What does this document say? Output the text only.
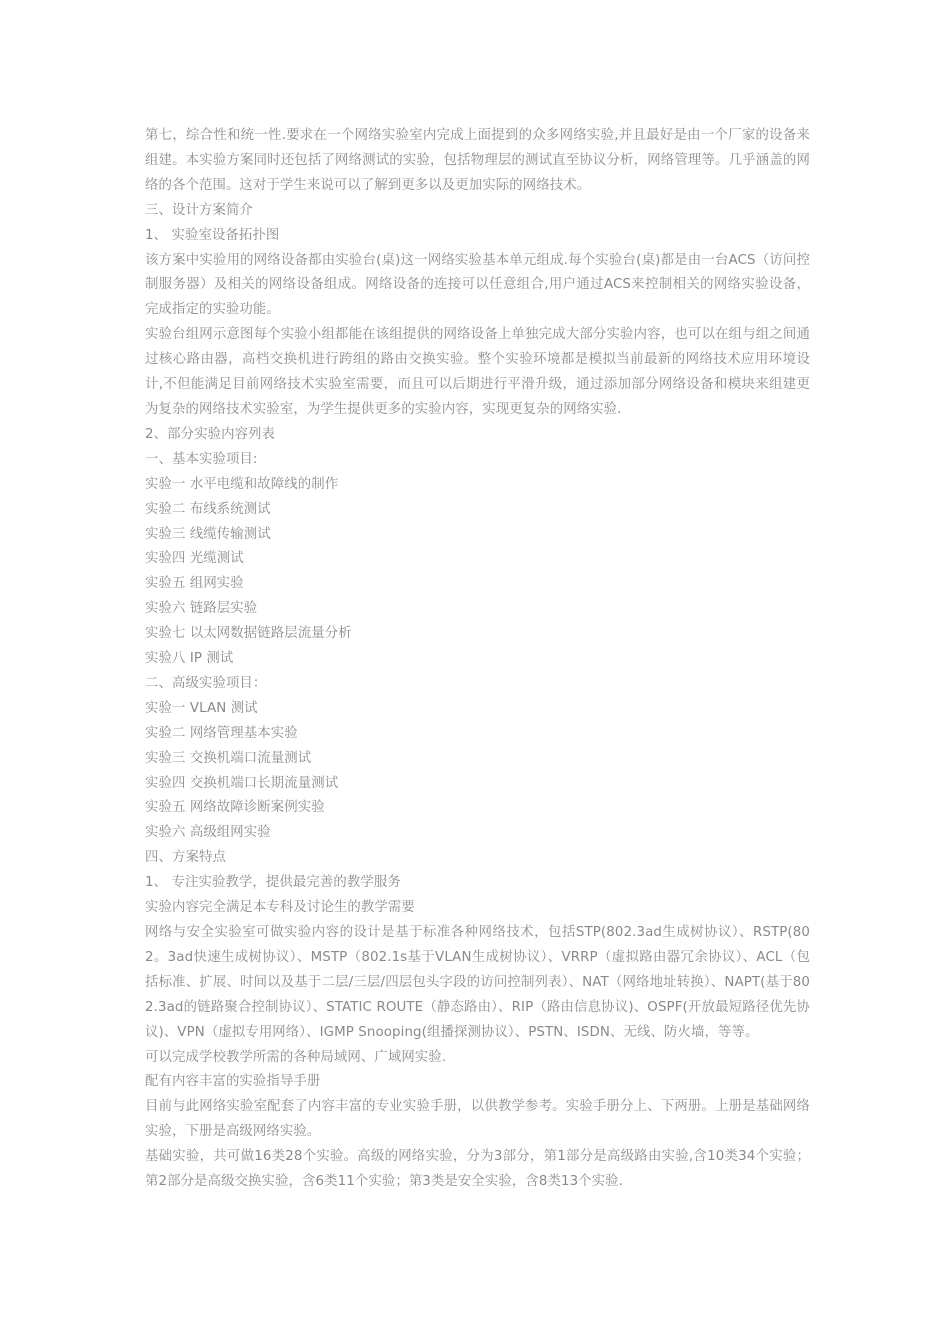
第七，综合性和统一性.要求在一个网络实验室内完成上面提到的众多网络实验,并且最好是由一个厂家的设备来组建。本实验方案同时还包括了网络测试的实验，包括物理层的测试直至协议分析，网络管理等。几乎涵盖的网络的各个范围。这对于学生来说可以了解到更多以及更加实际的网络技术。

三、设计方案简介

1、 实验室设备拓扑图

该方案中实验用的网络设备都由实验台(桌)这一网络实验基本单元组成.每个实验台(桌)都是由一台ACS（访问控制服务器）及相关的网络设备组成。网络设备的连接可以任意组合,用户通过ACS来控制相关的网络实验设备，完成指定的实验功能。

实验台组网示意图每个实验小组都能在该组提供的网络设备上单独完成大部分实验内容，也可以在组与组之间通过核心路由器，高档交换机进行跨组的路由交换实验。整个实验环境都是模拟当前最新的网络技术应用环境设计,不但能满足目前网络技术实验室需要，而且可以后期进行平滑升级，通过添加部分网络设备和模块来组建更为复杂的网络技术实验室，为学生提供更多的实验内容，实现更复杂的网络实验.

2、部分实验内容列表

一、基本实验项目:

实验一 水平电缆和故障线的制作

实验二 布线系统测试

实验三 线缆传输测试

实验四 光缆测试

实验五 组网实验

实验六 链路层实验

实验七 以太网数据链路层流量分析

实验八 IP 测试

二、高级实验项目：

实验一 VLAN 测试

实验二 网络管理基本实验

实验三 交换机端口流量测试

实验四 交换机端口长期流量测试

实验五 网络故障诊断案例实验

实验六 高级组网实验

四、方案特点

1、 专注实验教学，提供最完善的教学服务

实验内容完全满足本专科及讨论生的教学需要

网络与安全实验室可做实验内容的设计是基于标准各种网络技术，包括STP(802.3ad生成树协议）、RSTP(802。3ad快速生成树协议）、MSTP（802.1s基于VLAN生成树协议）、VRRP（虚拟路由器冗余协议）、ACL（包括标准、扩展、时间以及基于二层/三层/四层包头字段的访问控制列表）、NAT（网络地址转换）、NAPT(基于802.3ad的链路聚合控制协议）、STATIC ROUTE（静态路由）、RIP（路由信息协议)、OSPF(开放最短路径优先协议)、VPN（虚拟专用网络）、IGMP Snooping(组播探测协议）、PSTN、ISDN、无线、防火墙，等等。

可以完成学校教学所需的各种局域网、广域网实验.

配有内容丰富的实验指导手册

目前与此网络实验室配套了内容丰富的专业实验手册，以供教学参考。实验手册分上、下两册。上册是基础网络实验，下册是高级网络实验。

基础实验，共可做16类28个实验。高级的网络实验，分为3部分，第1部分是高级路由实验,含10类34个实验；第2部分是高级交换实验，含6类11个实验；第3类是安全实验，含8类13个实验.
